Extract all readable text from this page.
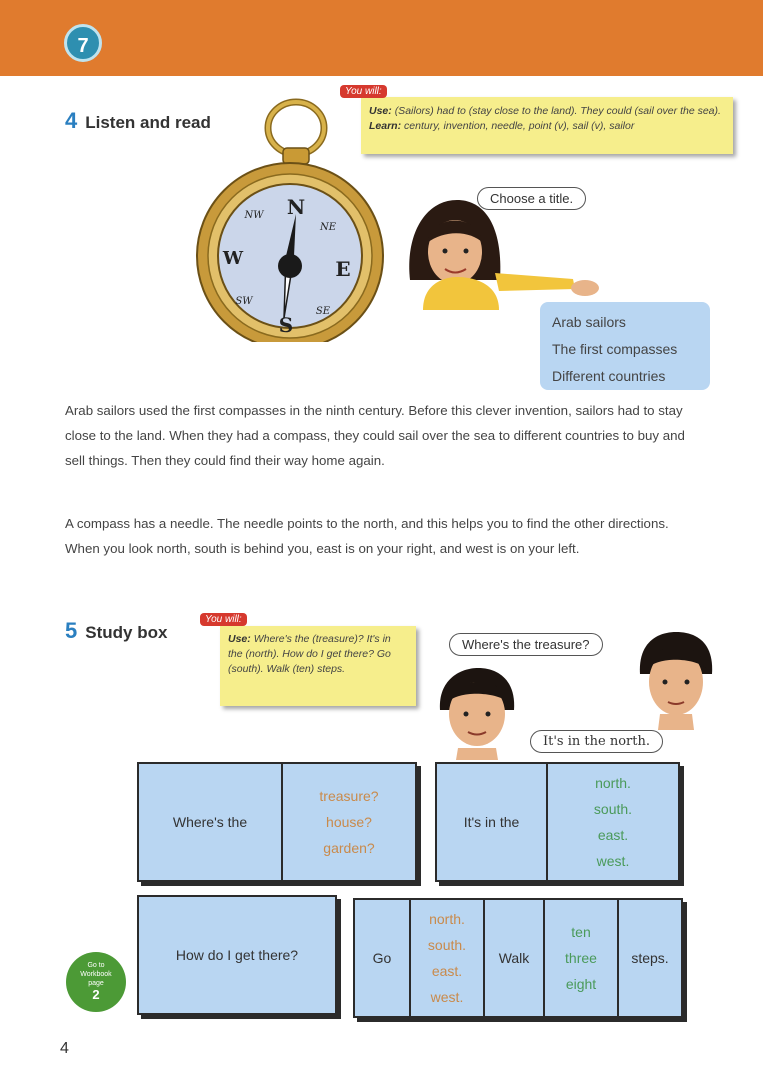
7
4 Listen and read
Use: (Sailors) had to (stay close to the land). They could (sail over the sea).
Learn: century, invention, needle, point (v), sail (v), sailor
You will:
N
S
E
W
NE
NW
SE
SW
Choose a title.
Arab sailors
The first compasses
Different countries

Arab sailors used the first compasses in the ninth century. Before this clever invention, sailors had to stay close to the land. When they had a compass, they could sail over the sea to different countries to buy and sell things. Then they could find their way home again.

A compass has a needle. The needle points to the north, and this helps you to find the other directions. When you look north, south is behind you, east is on your right, and west is on your left.

5 Study box	Use: Where's the (treasure)? It's in the (north). How do I get there? Go (south). Walk (ten) steps.
You will:
Where's the treasure?
It's in the north.
Where's the
treasure?
house?
garden?
It's in the
north.
south.
east.
west.
How do I get there?	Go
north.
south.
east.
west.
Walk
ten
three
eight
steps.
Go to
Workbook
page
2
4
